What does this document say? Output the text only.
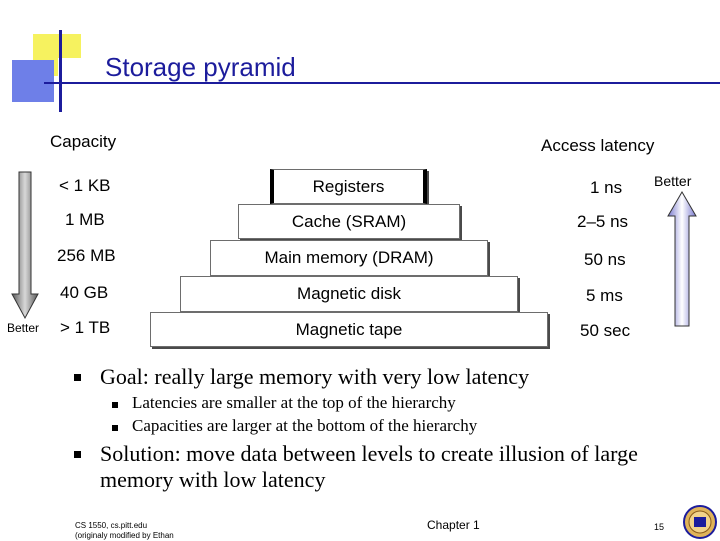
Storage pyramid
Capacity	Access latency
Registers
Cache (SRAM)
Main memory (DRAM)
Magnetic disk
Magnetic tape
< 1 KB
1 MB
256 MB
40 GB
> 1 TB
1 ns
2–5 ns
50 ns
5 ms
50 sec
Better
Better
Goal: really large memory with very low latency
Latencies are smaller at the top of the hierarchy
Capacities are larger at the bottom of the hierarchy
Solution: move data between levels to create illusion of large
memory with low latency
CS 1550, cs.pitt.edu
(originaly modified by Ethan
Chapter 1	15
